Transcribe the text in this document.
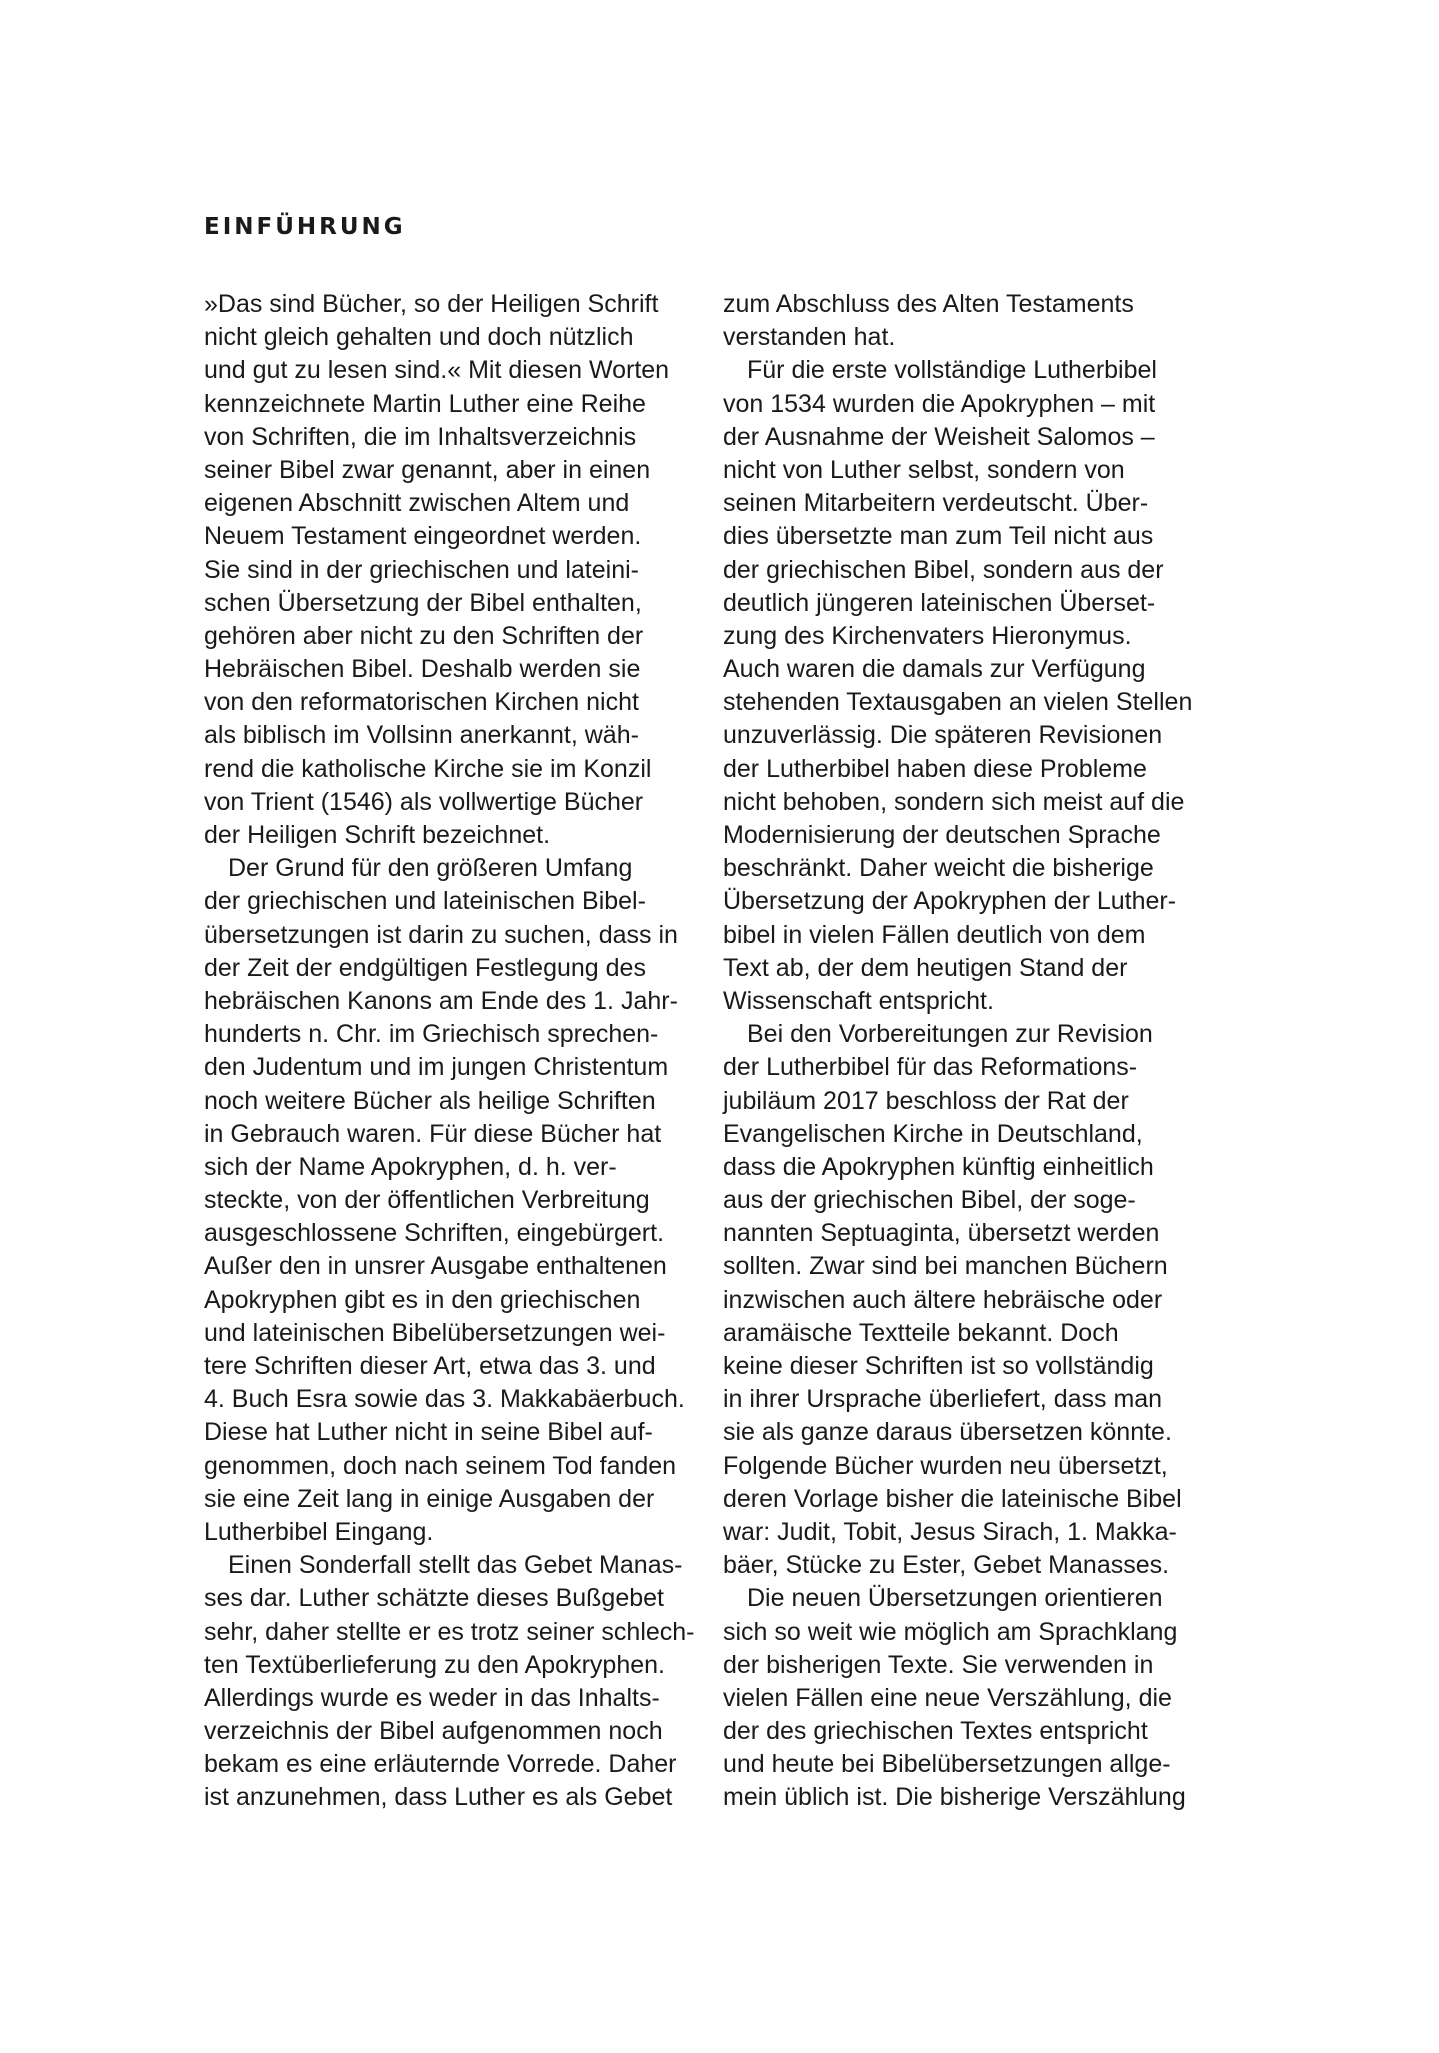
EINFÜHRUNG
»Das sind Bücher, so der Heiligen Schrift
nicht gleich gehalten und doch nützlich
und gut zu lesen sind.« Mit diesen Worten
kennzeichnete Martin Luther eine Reihe
von Schriften, die im Inhaltsverzeichnis
seiner Bibel zwar genannt, aber in einen
eigenen Abschnitt zwischen Altem und
Neuem Testament eingeordnet werden.
Sie sind in der griechischen und lateini-
schen Übersetzung der Bibel enthalten,
gehören aber nicht zu den Schriften der
Hebräischen Bibel. Deshalb werden sie
von den reformatorischen Kirchen nicht
als biblisch im Vollsinn anerkannt, wäh-
rend die katholische Kirche sie im Konzil
von Trient (1546) als vollwertige Bücher
der Heiligen Schrift bezeichnet.
Der Grund für den größeren Umfang
der griechischen und lateinischen Bibel-
übersetzungen ist darin zu suchen, dass in
der Zeit der endgültigen Festlegung des
hebräischen Kanons am Ende des 1. Jahr-
hunderts n. Chr. im Griechisch sprechen-
den Judentum und im jungen Christentum
noch weitere Bücher als heilige Schriften
in Gebrauch waren. Für diese Bücher hat
sich der Name Apokryphen, d. h. ver-
steckte, von der öffentlichen Verbreitung
ausgeschlossene Schriften, eingebürgert.
Außer den in unsrer Ausgabe enthaltenen
Apokryphen gibt es in den griechischen
und lateinischen Bibelübersetzungen wei-
tere Schriften dieser Art, etwa das 3. und
4. Buch Esra sowie das 3. Makkabäerbuch.
Diese hat Luther nicht in seine Bibel auf-
genommen, doch nach seinem Tod fanden
sie eine Zeit lang in einige Ausgaben der
Lutherbibel Eingang.
Einen Sonderfall stellt das Gebet Manas-
ses dar. Luther schätzte dieses Bußgebet
sehr, daher stellte er es trotz seiner schlech-
ten Textüberlieferung zu den Apokryphen.
Allerdings wurde es weder in das Inhalts-
verzeichnis der Bibel aufgenommen noch
bekam es eine erläuternde Vorrede. Daher
ist anzunehmen, dass Luther es als Gebet
zum Abschluss des Alten Testaments
verstanden hat.
Für die erste vollständige Lutherbibel
von 1534 wurden die Apokryphen – mit
der Ausnahme der Weisheit Salomos –
nicht von Luther selbst, sondern von
seinen Mitarbeitern verdeutscht. Über-
dies übersetzte man zum Teil nicht aus
der griechischen Bibel, sondern aus der
deutlich jüngeren lateinischen Überset-
zung des Kirchenvaters Hieronymus.
Auch waren die damals zur Verfügung
stehenden Textausgaben an vielen Stellen
unzuverlässig. Die späteren Revisionen
der Lutherbibel haben diese Probleme
nicht behoben, sondern sich meist auf die
Modernisierung der deutschen Sprache
beschränkt. Daher weicht die bisherige
Übersetzung der Apokryphen der Luther-
bibel in vielen Fällen deutlich von dem
Text ab, der dem heutigen Stand der
Wissenschaft entspricht.
Bei den Vorbereitungen zur Revision
der Lutherbibel für das Reformations-
jubiläum 2017 beschloss der Rat der
Evangelischen Kirche in Deutschland,
dass die Apokryphen künftig einheitlich
aus der griechischen Bibel, der soge-
nannten Septuaginta, übersetzt werden
sollten. Zwar sind bei manchen Büchern
inzwischen auch ältere hebräische oder
aramäische Textteile bekannt. Doch
keine dieser Schriften ist so vollständig
in ihrer Ursprache überliefert, dass man
sie als ganze daraus übersetzen könnte.
Folgende Bücher wurden neu übersetzt,
deren Vorlage bisher die lateinische Bibel
war: Judit, Tobit, Jesus Sirach, 1. Makka-
bäer, Stücke zu Ester, Gebet Manasses.
Die neuen Übersetzungen orientieren
sich so weit wie möglich am Sprachklang
der bisherigen Texte. Sie verwenden in
vielen Fällen eine neue Verszählung, die
der des griechischen Textes entspricht
und heute bei Bibelübersetzungen allge-
mein üblich ist. Die bisherige Verszählung
